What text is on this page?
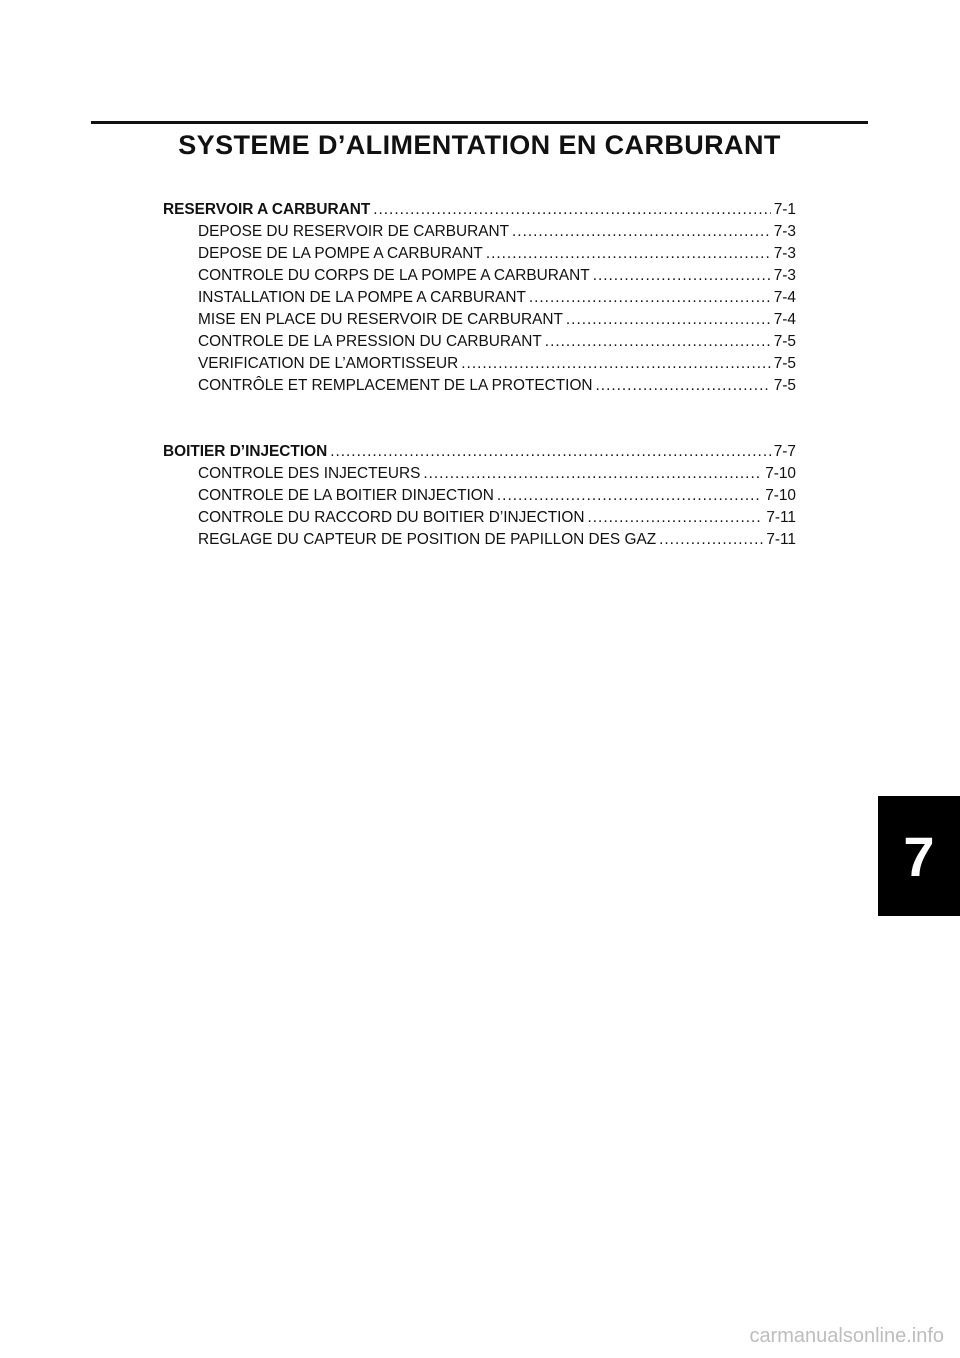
SYSTEME D’ALIMENTATION EN CARBURANT
RESERVOIR A CARBURANT .....	7-1
DEPOSE DU RESERVOIR DE CARBURANT .....	7-3
DEPOSE DE LA POMPE A CARBURANT .....	7-3
CONTROLE DU CORPS DE LA POMPE A CARBURANT .....	7-3
INSTALLATION DE LA POMPE A CARBURANT .....	7-4
MISE EN PLACE DU RESERVOIR DE CARBURANT .....	7-4
CONTROLE DE LA PRESSION DU CARBURANT .....	7-5
VERIFICATION DE L’AMORTISSEUR .....	7-5
CONTRÔLE ET REMPLACEMENT DE LA PROTECTION .....	7-5
BOITIER D’INJECTION .....	7-7
CONTROLE DES INJECTEURS .....	7-10
CONTROLE DE LA BOITIER DINJECTION .....	7-10
CONTROLE DU RACCORD DU BOITIER D’INJECTION .....	7-11
REGLAGE DU CAPTEUR DE POSITION DE PAPILLON DES GAZ .....	7-11
7
carmanualsonline.info
